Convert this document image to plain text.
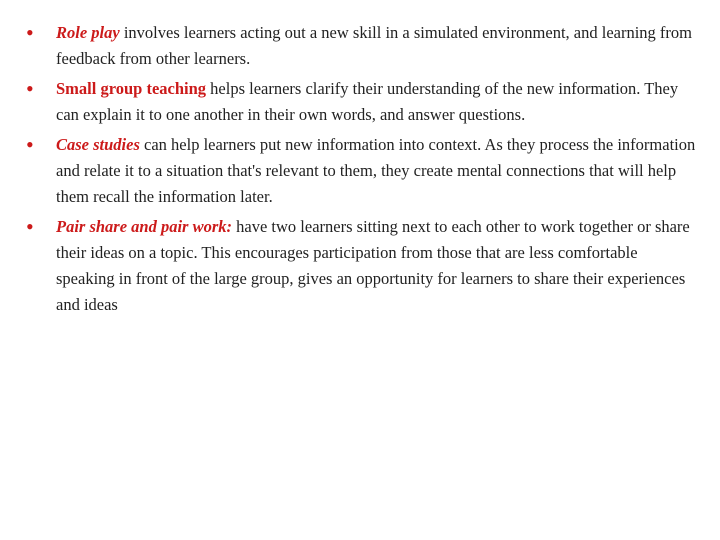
• Role play involves learners acting out a new skill in a simulated environment, and learning from feedback from other learners.
• Small group teaching helps learners clarify their understanding of the new information. They can explain it to one another in their own words, and answer questions.
• Case studies can help learners put new information into context. As they process the information and relate it to a situation that's relevant to them, they create mental connections that will help them recall the information later.
• Pair share and pair work: have two learners sitting next to each other to work together or share their ideas on a topic. This encourages participation from those that are less comfortable speaking in front of the large group, gives an opportunity for learners to share their experiences and ideas
